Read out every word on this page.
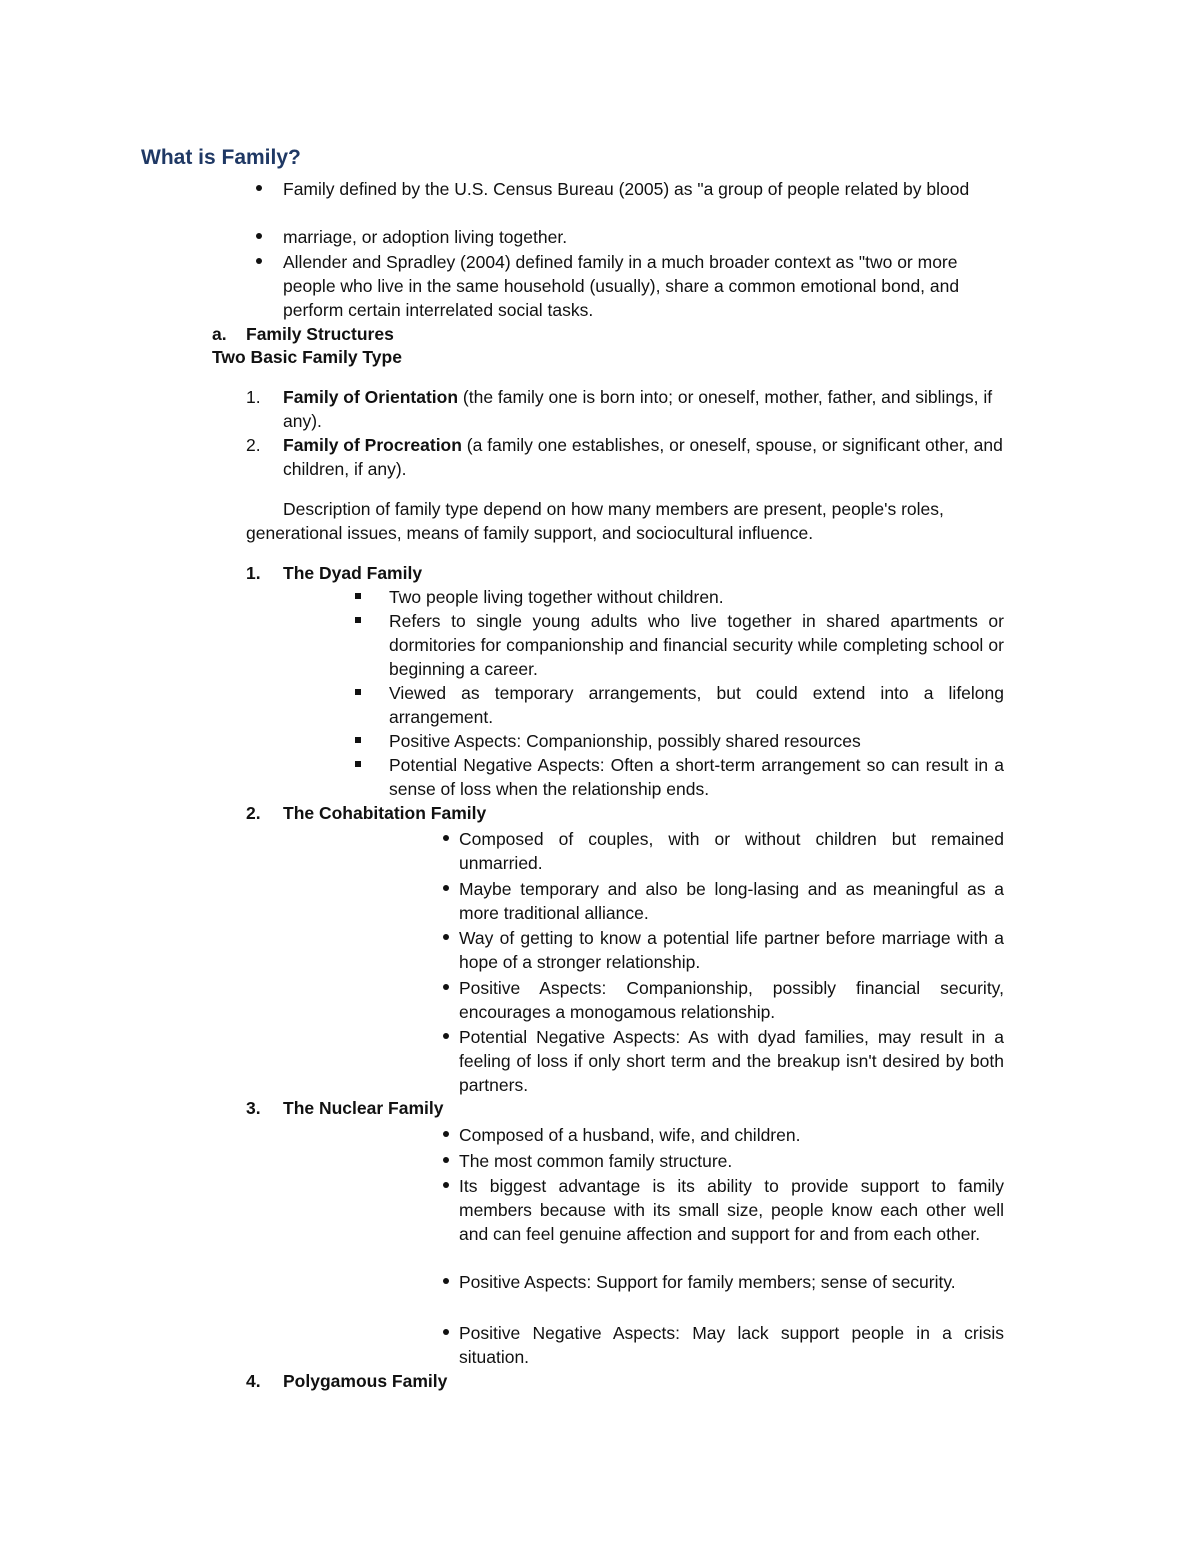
What is Family?
Family defined by the U.S. Census Bureau (2005) as "a group of people related by blood
marriage, or adoption living together.
Allender and Spradley (2004) defined family in a much broader context as "two or more people who live in the same household (usually), share a common emotional bond, and perform certain interrelated social tasks.
a. Family Structures
Two Basic Family Type
1. Family of Orientation (the family one is born into; or oneself, mother, father, and siblings, if any).
2. Family of Procreation (a family one establishes, or oneself, spouse, or significant other, and children, if any).
Description of family type depend on how many members are present, people's roles, generational issues, means of family support, and sociocultural influence.
1. The Dyad Family
Two people living together without children.
Refers to single young adults who live together in shared apartments or dormitories for companionship and financial security while completing school or beginning a career.
Viewed as temporary arrangements, but could extend into a lifelong arrangement.
Positive Aspects: Companionship, possibly shared resources
Potential Negative Aspects: Often a short-term arrangement so can result in a sense of loss when the relationship ends.
2. The Cohabitation Family
Composed of couples, with or without children but remained unmarried.
Maybe temporary and also be long-lasing and as meaningful as a more traditional alliance.
Way of getting to know a potential life partner before marriage with a hope of a stronger relationship.
Positive Aspects: Companionship, possibly financial security, encourages a monogamous relationship.
Potential Negative Aspects: As with dyad families, may result in a feeling of loss if only short term and the breakup isn't desired by both partners.
3. The Nuclear Family
Composed of a husband, wife, and children.
The most common family structure.
Its biggest advantage is its ability to provide support to family members because with its small size, people know each other well and can feel genuine affection and support for and from each other.
Positive Aspects: Support for family members; sense of security.
Positive Negative Aspects: May lack support people in a crisis situation.
4. Polygamous Family
